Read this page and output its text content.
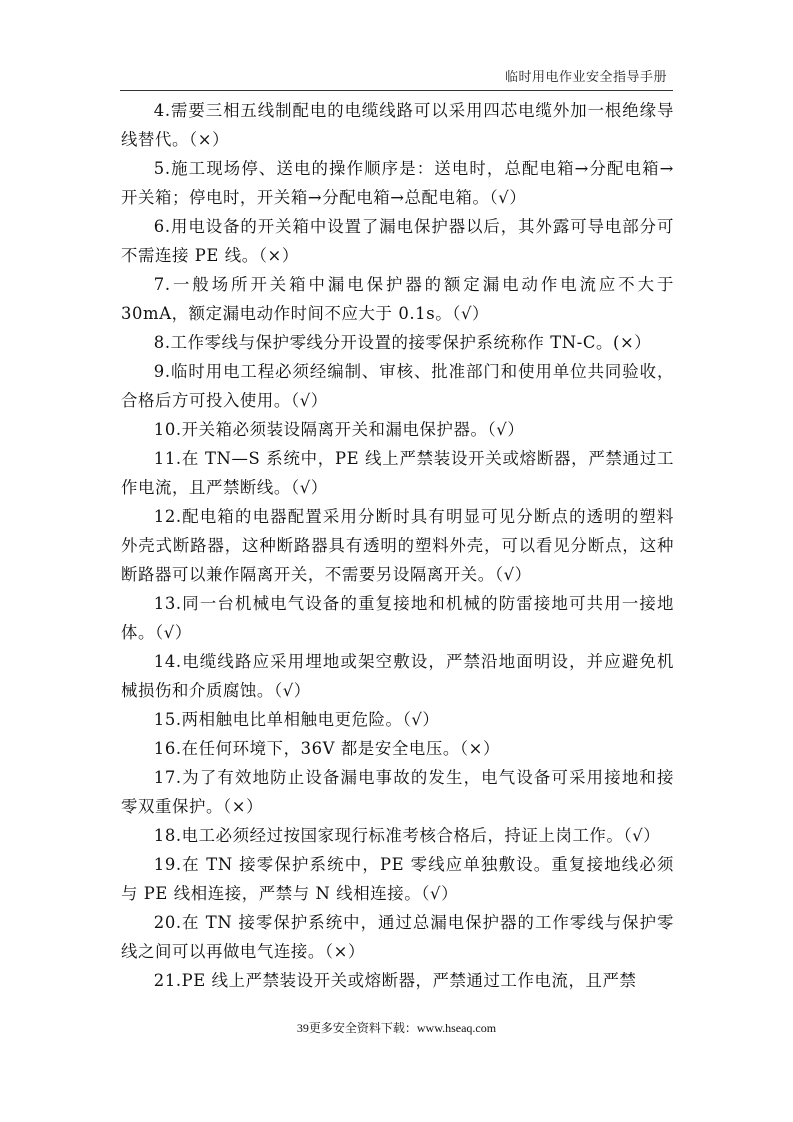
临时用电作业安全指导手册

4.需要三相五线制配电的电缆线路可以采用四芯电缆外加一根绝缘导线替代。（×）

5.施工现场停、送电的操作顺序是：送电时，总配电箱→分配电箱→开关箱；停电时，开关箱→分配电箱→总配电箱。（√）

6.用电设备的开关箱中设置了漏电保护器以后，其外露可导电部分可不需连接 PE 线。（×）

7.一般场所开关箱中漏电保护器的额定漏电动作电流应不大于 30mA，额定漏电动作时间不应大于 0.1s。（√）

8.工作零线与保护零线分开设置的接零保护系统称作 TN-C。(×）

9.临时用电工程必须经编制、审核、批准部门和使用单位共同验收，合格后方可投入使用。（√）

10.开关箱必须装设隔离开关和漏电保护器。（√）

11.在 TN—S 系统中，PE 线上严禁装设开关或熔断器，严禁通过工作电流，且严禁断线。（√）

12.配电箱的电器配置采用分断时具有明显可见分断点的透明的塑料外壳式断路器，这种断路器具有透明的塑料外壳，可以看见分断点，这种断路器可以兼作隔离开关，不需要另设隔离开关。（√）

13.同一台机械电气设备的重复接地和机械的防雷接地可共用一接地体。（√）

14.电缆线路应采用埋地或架空敷设，严禁沿地面明设，并应避免机械损伤和介质腐蚀。（√）

15.两相触电比单相触电更危险。（√）

16.在任何环境下，36V 都是安全电压。（×）

17.为了有效地防止设备漏电事故的发生，电气设备可采用接地和接零双重保护。（×）

18.电工必须经过按国家现行标准考核合格后，持证上岗工作。（√）

19.在 TN 接零保护系统中，PE 零线应单独敷设。重复接地线必须与 PE 线相连接，严禁与 N 线相连接。（√）

20.在 TN 接零保护系统中，通过总漏电保护器的工作零线与保护零线之间可以再做电气连接。（×）

21.PE 线上严禁装设开关或熔断器，严禁通过工作电流，且严禁

39更多安全资料下载：www.hseaq.com
